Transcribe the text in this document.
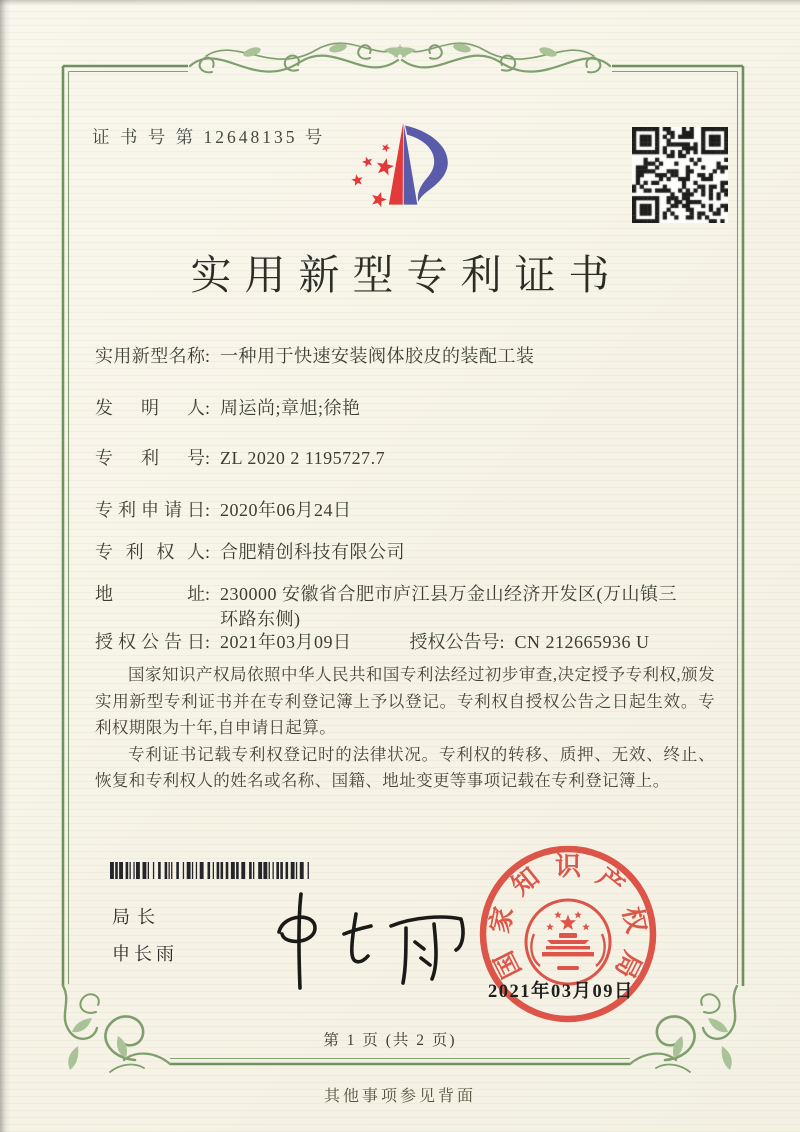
证 书 号 第 12648135 号
实用新型专利证书
实用新型名称 : 一种用于快速安装阀体胶皮的装配工装
发明人 : 周运尚;章旭;徐艳
专利号 : ZL 2020 2 1195727.7
专利申请日 : 2020年06月24日
专利权人 : 合肥精创科技有限公司
地址 : 230000 安徽省合肥市庐江县万金山经济开发区(万山镇三环路东侧)
授权公告日 : 2021年03月09日	授权公告号 : CN 212665936 U

国家知识产权局依照中华人民共和国专利法经过初步审查,决定授予专利权,颁发实用新型专利证书并在专利登记簿上予以登记。专利权自授权公告之日起生效。专利权期限为十年,自申请日起算。

专利证书记载专利权登记时的法律状况。专利权的转移、质押、无效、终止、恢复和专利权人的姓名或名称、国籍、地址变更等事项记载在专利登记簿上。

局长
申长雨	国
家
知 识 产
权
局
2021年03月09日
第 1 页 (共 2 页)
其他事项参见背面
